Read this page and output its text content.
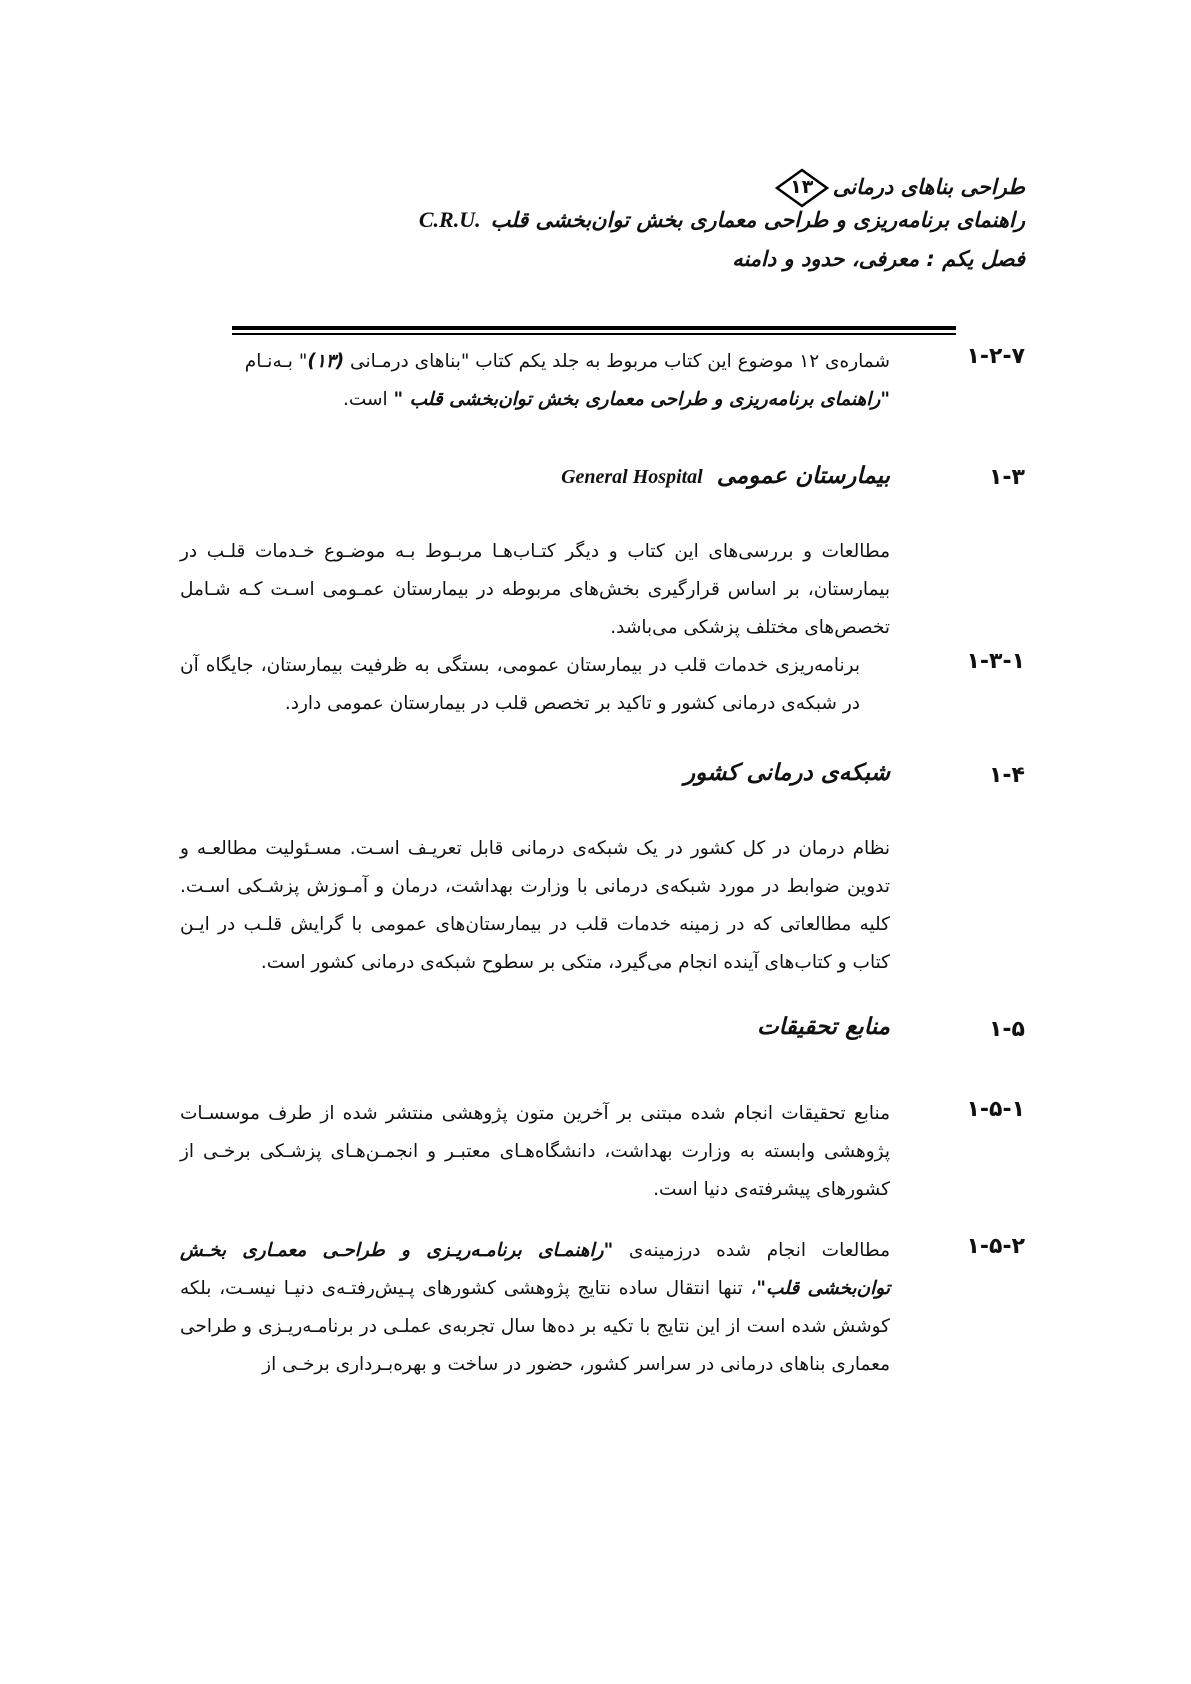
طراحی بناهای درمانی
۱۳
راهنمای برنامه‌ریزی و طراحی معماری بخش توان‌بخشی قلبC.R.U.
فصل یکم : معرفی، حدود و دامنه
۱-۲-۷
شماره‌ی ۱۲ موضوع این کتاب مربوط به جلد یکم کتاب "بناهای درمـانی (۱۳)" بـه‌نـام
"راهنمای برنامه‌ریزی و طراحی معماری بخش توان‌بخشی قلب " است.
۱-۳
بیمارستان عمومیGeneral Hospital
مطالعات و بررسی‌های این کتاب و دیگر کتـاب‌هـا مربـوط بـه موضـوع خـدمات قلـب در بیمارستان، بر اساس قرارگیری بخش‌های مربوطه در بیمارستان عمـومی اسـت کـه شـامل تخصص‌های مختلف پزشکی می‌باشد.
۱-۳-۱
برنامه‌ریزی خدمات قلب در بیمارستان عمومی، بستگی به ظرفیت بیمارستان، جایگاه آن در شبکه‌ی درمانی کشور و تاکید بر تخصص قلب در بیمارستان عمومی دارد.
۱-۴
شبکه‌ی درمانی کشور
نظام درمان در کل کشور در یک شبکه‌ی درمانی قابل تعریـف اسـت. مسـئولیت مطالعـه و تدوین ضوابط در مورد شبکه‌ی درمانی با وزارت بهداشت، درمان و آمـوزش پزشـکی اسـت. کلیه مطالعاتی که در زمینه خدمات قلب در بیمارستان‌های عمومی با گرایش قلـب در ایـن کتاب و کتاب‌های آینده انجام می‌گیرد، متکی بر سطوح شبکه‌ی درمانی کشور است.
۱-۵
منابع تحقیقات
۱-۵-۱
منابع تحقیقات انجام شده مبتنی بر آخرین متون پژوهشی منتشر شده از طرف موسسـات پژوهشی وابسته به وزارت بهداشت، دانشگاه‌هـای معتبـر و انجمـن‌هـای پزشـکی برخـی از کشورهای پیشرفته‌ی دنیا است.
۱-۵-۲
مطالعات انجام شده درزمینه‌ی "راهنمـای برنامـه‌ریـزی و طراحـی معمـاری بخـش توان‌بخشی قلب"، تنها انتقال ساده نتایج پژوهشی کشورهای پـیش‌رفتـه‌ی دنیـا نیسـت، بلکه کوشش شده است از این نتایج با تکیه بر ده‌ها سال تجربه‌ی عملـی در برنامـه‌ریـزی و طراحی معماری بناهای درمانی در سراسر کشور، حضور در ساخت و بهره‌بـرداری برخـی از
